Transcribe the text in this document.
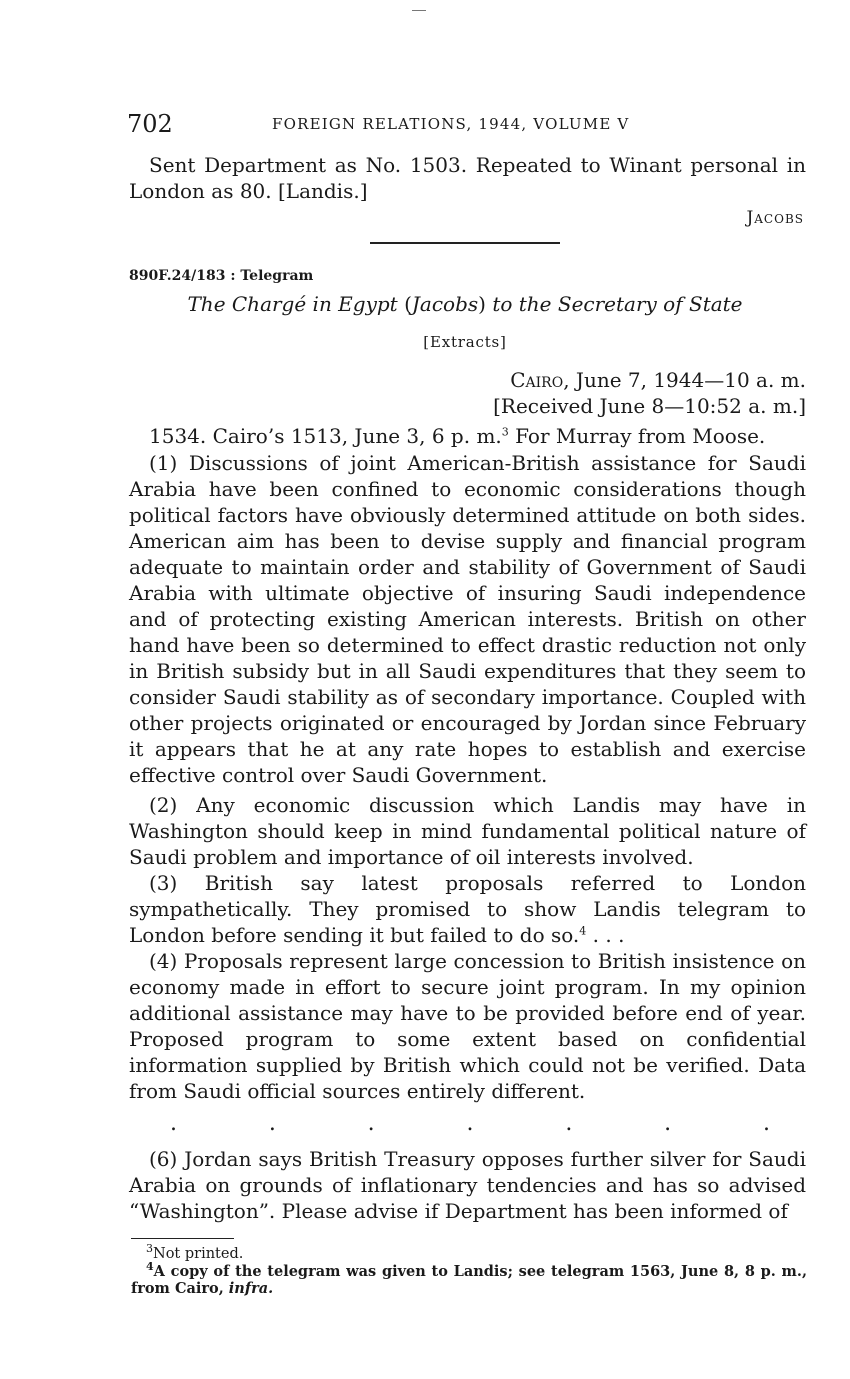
702	FOREIGN RELATIONS, 1944, VOLUME V

Sent Department as No. 1503. Repeated to Winant personal in London as 80. [Landis.]

Jacobs
890F.24/183 : Telegram
The Chargé in Egypt (Jacobs) to the Secretary of State
[Extracts]
Cairo, June 7, 1944—10 a. m.
[Received June 8—10:52 a. m.]
1534. Cairo’s 1513, June 3, 6 p. m.$^3$ For Murray from Moose.

(1) Discussions of joint American-British assistance for Saudi Arabia have been confined to economic considerations though political factors have obviously determined attitude on both sides. American aim has been to devise supply and financial program adequate to maintain order and stability of Government of Saudi Arabia with ultimate objective of insuring Saudi independence and of protecting existing American interests. British on other hand have been so determined to effect drastic reduction not only in British subsidy but in all Saudi expenditures that they seem to consider Saudi stability as of secondary importance. Coupled with other projects originated or encouraged by Jordan since February it appears that he at any rate hopes to establish and exercise effective control over Saudi Government.

(2) Any economic discussion which Landis may have in Washington should keep in mind fundamental political nature of Saudi problem and importance of oil interests involved.

(3) British say latest proposals referred to London sympathetically. They promised to show Landis telegram to London before sending it but failed to do so.$^4$ . . .

(4) Proposals represent large concession to British insistence on economy made in effort to secure joint program. In my opinion additional assistance may have to be provided before end of year. Proposed program to some extent based on confidential information supplied by British which could not be verified. Data from Saudi official sources entirely different.

.	.	.	.	.	.	.

(6) Jordan says British Treasury opposes further silver for Saudi Arabia on grounds of inflationary tendencies and has so advised “Washington”. Please advise if Department has been informed of

$^3$Not printed.

$^4$A copy of the telegram was given to Landis; see telegram 1563, June 8, 8 p. m., from Cairo, infra.
